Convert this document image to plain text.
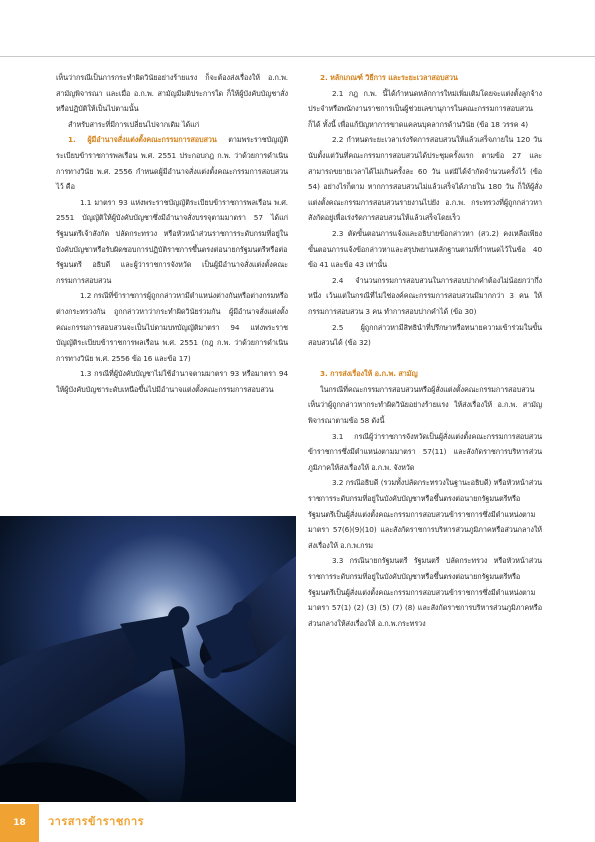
เห็นว่ากรณีเป็นการกระทำผิดวินัยอย่างร้ายแรง ก็จะต้องส่งเรื่องให้ อ.ก.พ. สามัญพิจารณา และเมื่อ อ.ก.พ. สามัญมีมติประการใด ก็ให้ผู้บังคับบัญชาสั่งหรือปฏิบัติให้เป็นไปตามนั้น

สำหรับสาระที่มีการเปลี่ยนไปจากเดิม ได้แก่

1. ผู้มีอำนาจสั่งแต่งตั้งคณะกรรมการสอบสวน ตามพระราชบัญญัติระเบียบข้าราชการพลเรือน พ.ศ. 2551 ประกอบกฎ ก.พ. ว่าด้วยการดำเนินการทางวินัย พ.ศ. 2556 กำหนดผู้มีอำนาจสั่งแต่งตั้งคณะกรรมการสอบสวนไว้ คือ

1.1 มาตรา 93 แห่งพระราชบัญญัติระเบียบข้าราชการพลเรือน พ.ศ. 2551 บัญญัติให้ผู้บังคับบัญชาซึ่งมีอำนาจสั่งบรรจุตามมาตรา 57 ได้แก่ รัฐมนตรีเจ้าสังกัด ปลัดกระทรวง หรือหัวหน้าส่วนราชการระดับกรมที่อยู่ในบังคับบัญชาหรือรับผิดชอบการปฏิบัติราชการขึ้นตรงต่อนายกรัฐมนตรีหรือต่อรัฐมนตรี อธิบดี และผู้ว่าราชการจังหวัด เป็นผู้มีอำนาจสั่งแต่งตั้งคณะกรรมการสอบสวน

1.2 กรณีที่ข้าราชการผู้ถูกกล่าวหามีตำแหน่งต่างกันหรือต่างกรมหรือต่างกระทรวงกัน ถูกกล่าวหาว่ากระทำผิดวินัยร่วมกัน ผู้มีอำนาจสั่งแต่งตั้งคณะกรรมการสอบสวนจะเป็นไปตามบทบัญญัติมาตรา 94 แห่งพระราชบัญญัติระเบียบข้าราชการพลเรือน พ.ศ. 2551 (กฎ ก.พ. ว่าด้วยการดำเนินการทางวินัย พ.ศ. 2556 ข้อ 16 และข้อ 17)

1.3 กรณีที่ผู้บังคับบัญชาไม่ใช้อำนาจตามมาตรา 93 หรือมาตรา 94 ให้ผู้บังคับบัญชาระดับเหนือขึ้นไปมีอำนาจแต่งตั้งคณะกรรมการสอบสวน

2. หลักเกณฑ์ วิธีการ และระยะเวลาสอบสวน

2.1 กฎ ก.พ. นี้ได้กำหนดหลักการใหม่เพิ่มเติมโดยจะแต่งตั้งลูกจ้างประจำหรือพนักงานราชการเป็นผู้ช่วยเลขานุการในคณะกรรมการสอบสวนก็ได้ ทั้งนี้ เพื่อแก้ปัญหาการขาดแคลนบุคลากรด้านวินัย (ข้อ 18 วรรค 4)

2.2 กำหนดระยะเวลาเร่งรัดการสอบสวนให้แล้วเสร็จภายใน 120 วัน นับตั้งแต่วันที่คณะกรรมการสอบสวนได้ประชุมครั้งแรก ตามข้อ 27 และสามารถขยายเวลาได้ไม่เกินครั้งละ 60 วัน แต่มิได้จำกัดจำนวนครั้งไว้ (ข้อ 54) อย่างไรก็ตาม หากการสอบสวนไม่แล้วเสร็จได้ภายใน 180 วัน ก็ให้ผู้สั่งแต่งตั้งคณะกรรมการสอบสวนรายงานไปยัง อ.ก.พ. กระทรวงที่ผู้ถูกกล่าวหาสังกัดอยู่เพื่อเร่งรัดการสอบสวนให้แล้วเสร็จโดยเร็ว

2.3 ตัดขั้นตอนการแจ้งและอธิบายข้อกล่าวหา (สว.2) คงเหลือเพียงขั้นตอนการแจ้งข้อกล่าวหาและสรุปพยานหลักฐานตามที่กำหนดไว้ในข้อ 40 ข้อ 41 และข้อ 43 เท่านั้น

2.4 จำนวนกรรมการสอบสวนในการสอบปากคำต้องไม่น้อยกว่ากึ่งหนึ่ง เว้นแต่ในกรณีที่ไม่ใช่องค์คณะกรรมการสอบสวนมีมากกว่า 3 คน ให้กรรมการสอบสวน 3 คน ทำการสอบปากคำได้ (ข้อ 30)

2.5 ผู้ถูกกล่าวหามีสิทธินำที่ปรึกษาหรือทนายความเข้าร่วมในขั้นสอบสวนได้ (ข้อ 32)

3. การส่งเรื่องให้ อ.ก.พ. สามัญ

ในกรณีที่คณะกรรมการสอบสวนหรือผู้สั่งแต่งตั้งคณะกรรมการสอบสวนเห็นว่าผู้ถูกกล่าวหากระทำผิดวินัยอย่างร้ายแรง ให้ส่งเรื่องให้ อ.ก.พ. สามัญพิจารณาตามข้อ 58 ดังนี้

3.1 กรณีผู้ว่าราชการจังหวัดเป็นผู้สั่งแต่งตั้งคณะกรรมการสอบสวนข้าราชการซึ่งมีตำแหน่งตามมาตรา 57(11) และสังกัดราชการบริหารส่วนภูมิภาคให้ส่งเรื่องให้ อ.ก.พ. จังหวัด

3.2 กรณีอธิบดี (รวมทั้งปลัดกระทรวงในฐานะอธิบดี) หรือหัวหน้าส่วนราชการระดับกรมที่อยู่ในบังคับบัญชาหรือขึ้นตรงต่อนายกรัฐมนตรีหรือรัฐมนตรีเป็นผู้สั่งแต่งตั้งคณะกรรมการสอบสวนข้าราชการซึ่งมีตำแหน่งตามมาตรา 57(6)(9)(10) และสังกัดราชการบริหารส่วนภูมิภาคหรือส่วนกลางให้ส่งเรื่องให้ อ.ก.พ.กรม

3.3 กรณีนายกรัฐมนตรี รัฐมนตรี ปลัดกระทรวง หรือหัวหน้าส่วนราชการระดับกรมที่อยู่ในบังคับบัญชาหรือขึ้นตรงต่อนายกรัฐมนตรีหรือรัฐมนตรีเป็นผู้สั่งแต่งตั้งคณะกรรมการสอบสวนข้าราชการซึ่งมีตำแหน่งตามมาตรา 57(1) (2) (3) (5) (7) (8) และสังกัดราชการบริหารส่วนภูมิภาคหรือส่วนกลางให้ส่งเรื่องให้ อ.ก.พ.กระทรวง

18	วารสารข้าราชการ
